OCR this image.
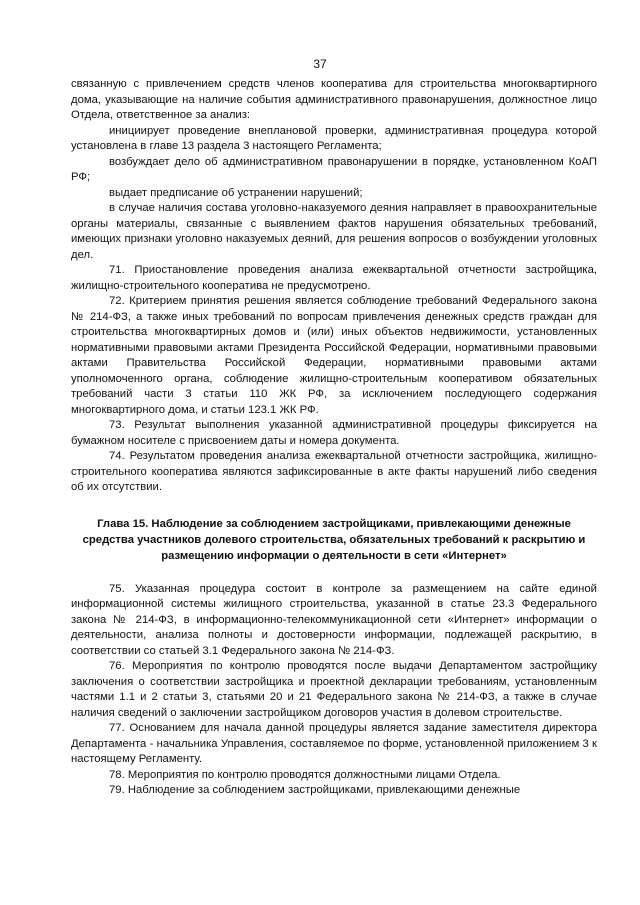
37

связанную с привлечением средств членов кооператива для строительства многоквартирного дома, указывающие на наличие события административного правонарушения, должностное лицо Отдела, ответственное за анализ:

инициирует проведение внеплановой проверки, административная процедура которой установлена в главе 13 раздела 3 настоящего Регламента;

возбуждает дело об административном правонарушении в порядке, установленном КоАП РФ;

выдает предписание об устранении нарушений;

в случае наличия состава уголовно-наказуемого деяния направляет в правоохранительные органы материалы, связанные с выявлением фактов нарушения обязательных требований, имеющих признаки уголовно наказуемых деяний, для решения вопросов о возбуждении уголовных дел.

71. Приостановление проведения анализа ежеквартальной отчетности застройщика, жилищно-строительного кооператива не предусмотрено.

72. Критерием принятия решения является соблюдение требований Федерального закона № 214-ФЗ, а также иных требований по вопросам привлечения денежных средств граждан для строительства многоквартирных домов и (или) иных объектов недвижимости, установленных нормативными правовыми актами Президента Российской Федерации, нормативными правовыми актами Правительства Российской Федерации, нормативными правовыми актами уполномоченного органа, соблюдение жилищно-строительным кооперативом обязательных требований части 3 статьи 110 ЖК РФ, за исключением последующего содержания многоквартирного дома, и статьи 123.1 ЖК РФ.

73. Результат выполнения указанной административной процедуры фиксируется на бумажном носителе с присвоением даты и номера документа.

74. Результатом проведения анализа ежеквартальной отчетности застройщика, жилищно-строительного кооператива являются зафиксированные в акте факты нарушений либо сведения об их отсутствии.

Глава 15. Наблюдение за соблюдением застройщиками, привлекающими денежные средства участников долевого строительства, обязательных требований к раскрытию и размещению информации о деятельности в сети «Интернет»

75. Указанная процедура состоит в контроле за размещением на сайте единой информационной системы жилищного строительства, указанной в статье 23.3 Федерального закона № 214-ФЗ, в информационно-телекоммуникационной сети «Интернет» информации о деятельности, анализа полноты и достоверности информации, подлежащей раскрытию, в соответствии со статьей 3.1 Федерального закона № 214-ФЗ.

76. Мероприятия по контролю проводятся после выдачи Департаментом застройщику заключения о соответствии застройщика и проектной декларации требованиям, установленным частями 1.1 и 2 статьи 3, статьями 20 и 21 Федерального закона № 214-ФЗ, а также в случае наличия сведений о заключении застройщиком договоров участия в долевом строительстве.

77. Основанием для начала данной процедуры является задание заместителя директора Департамента - начальника Управления, составляемое по форме, установленной приложением 3 к настоящему Регламенту.

78. Мероприятия по контролю проводятся должностными лицами Отдела.

79. Наблюдение за соблюдением застройщиками, привлекающими денежные
